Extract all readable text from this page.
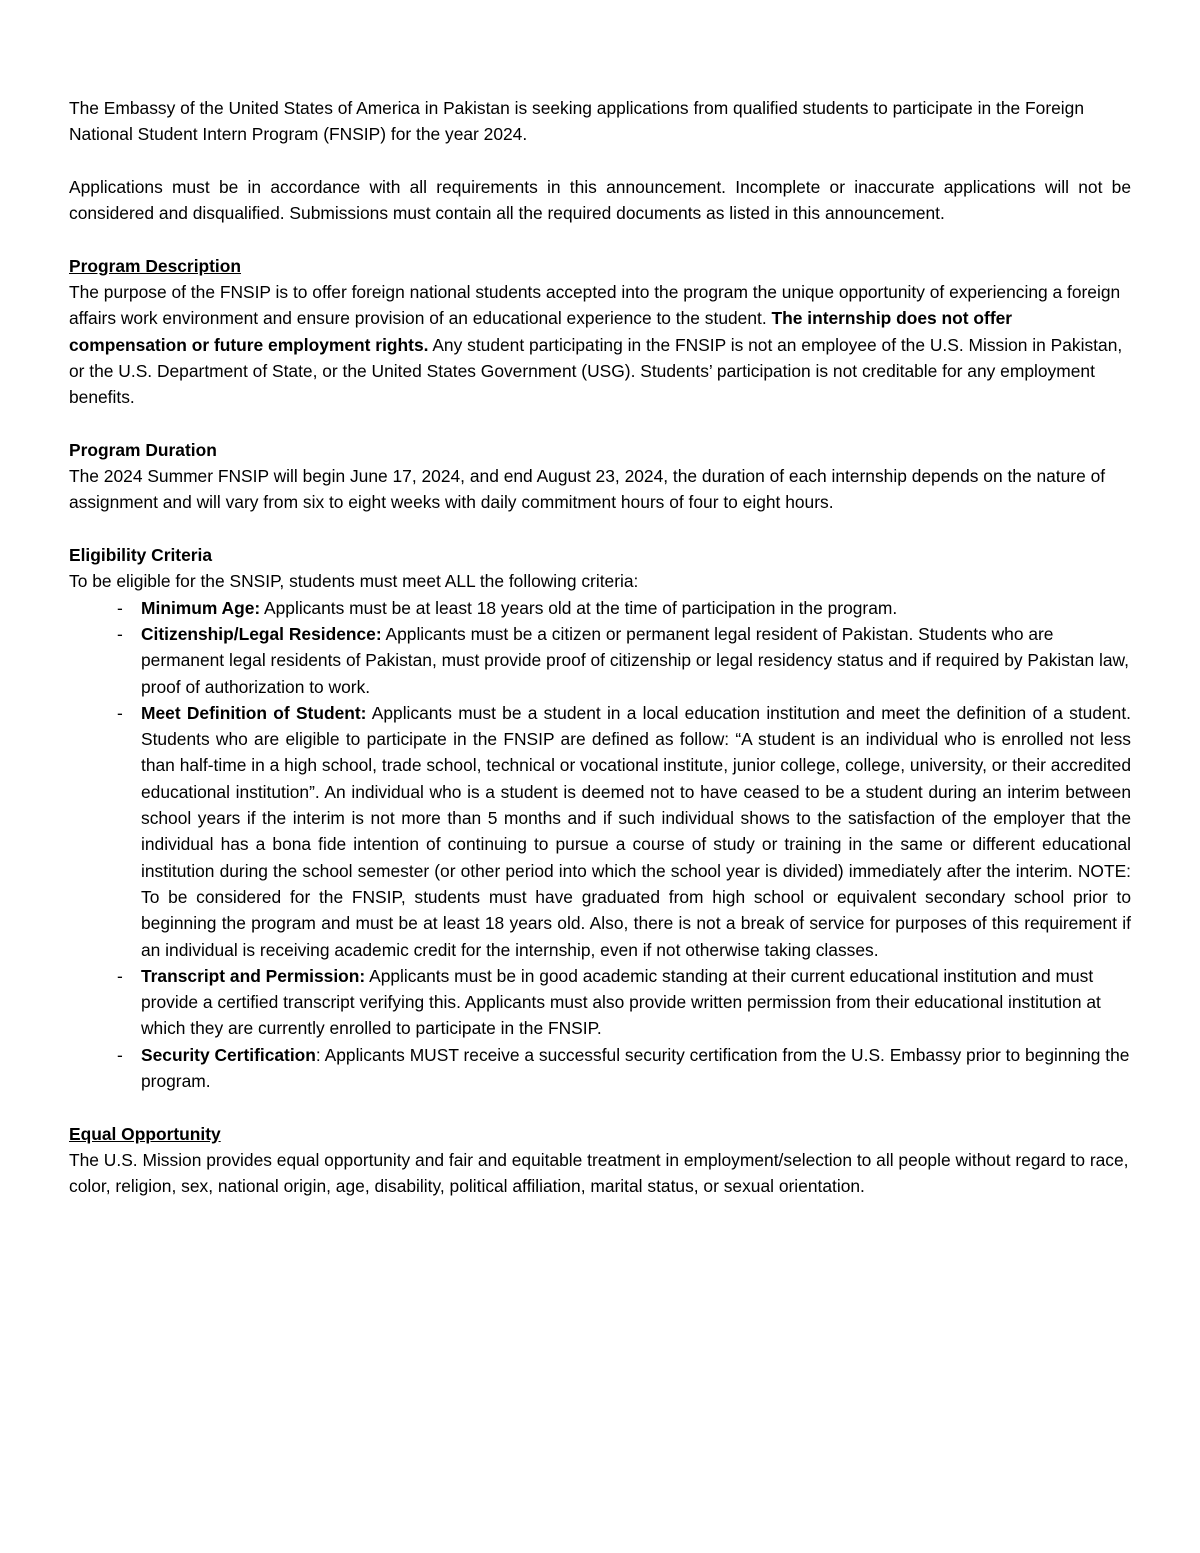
The Embassy of the United States of America in Pakistan is seeking applications from qualified students to participate in the Foreign National Student Intern Program (FNSIP) for the year 2024.

Applications must be in accordance with all requirements in this announcement. Incomplete or inaccurate applications will not be considered and disqualified. Submissions must contain all the required documents as listed in this announcement.

Program Description

The purpose of the FNSIP is to offer foreign national students accepted into the program the unique opportunity of experiencing a foreign affairs work environment and ensure provision of an educational experience to the student. The internship does not offer compensation or future employment rights. Any student participating in the FNSIP is not an employee of the U.S. Mission in Pakistan, or the U.S. Department of State, or the United States Government (USG). Students’ participation is not creditable for any employment benefits.

Program Duration

The 2024 Summer FNSIP will begin June 17, 2024, and end August 23, 2024, the duration of each internship depends on the nature of assignment and will vary from six to eight weeks with daily commitment hours of four to eight hours.

Eligibility Criteria

To be eligible for the SNSIP, students must meet ALL the following criteria:

- Minimum Age: Applicants must be at least 18 years old at the time of participation in the program.
- Citizenship/Legal Residence: Applicants must be a citizen or permanent legal resident of Pakistan. Students who are permanent legal residents of Pakistan, must provide proof of citizenship or legal residency status and if required by Pakistan law, proof of authorization to work.
- Meet Definition of Student: Applicants must be a student in a local education institution and meet the definition of a student. Students who are eligible to participate in the FNSIP are defined as follow: “A student is an individual who is enrolled not less than half-time in a high school, trade school, technical or vocational institute, junior college, college, university, or their accredited educational institution”. An individual who is a student is deemed not to have ceased to be a student during an interim between school years if the interim is not more than 5 months and if such individual shows to the satisfaction of the employer that the individual has a bona fide intention of continuing to pursue a course of study or training in the same or different educational institution during the school semester (or other period into which the school year is divided) immediately after the interim. NOTE: To be considered for the FNSIP, students must have graduated from high school or equivalent secondary school prior to beginning the program and must be at least 18 years old. Also, there is not a break of service for purposes of this requirement if an individual is receiving academic credit for the internship, even if not otherwise taking classes.
- Transcript and Permission: Applicants must be in good academic standing at their current educational institution and must provide a certified transcript verifying this. Applicants must also provide written permission from their educational institution at which they are currently enrolled to participate in the FNSIP.
- Security Certification: Applicants MUST receive a successful security certification from the U.S. Embassy prior to beginning the program.

Equal Opportunity

The U.S. Mission provides equal opportunity and fair and equitable treatment in employment/selection to all people without regard to race, color, religion, sex, national origin, age, disability, political affiliation, marital status, or sexual orientation.
